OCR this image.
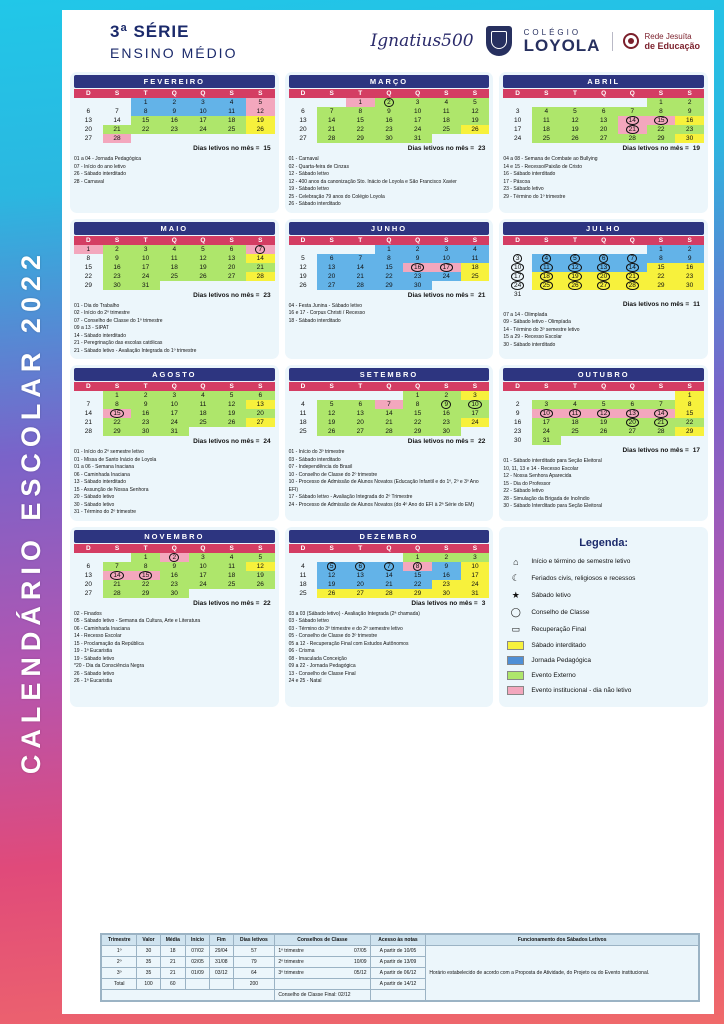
CALENDÁRIO ESCOLAR 2022
3ª SÉRIE
ENSINO MÉDIO
Ignatius500	COLÉGIO
LOYOLA	Rede Jesuíta
de Educação
FEVEREIRO
D	S	T	Q	Q	S	S
		1	2	3	4	5
6	7	8	9	10	11	12
13	14	15	16	17	18	19
20	21	22	23	24	25	26
27	28					
Dias letivos no mês = 15
01 a 04 - Jornada Pedagógica
07 - Início do ano letivo
26 - Sábado interditado
28 - Carnaval
MARÇO
D	S	T	Q	Q	S	S
		1	2	3	4	5
6	7	8	9	10	11	12
13	14	15	16	17	18	19
20	21	22	23	24	25	26
27	28	29	30	31		
Dias letivos no mês = 23
01 - Carnaval
02 - Quarta-feira de Cinzas
12 - Sábado letivo
12 - 400 anos da canonização Sto. Inácio de Loyola e São Francisco Xavier
19 - Sábado letivo
25 - Celebração 79 anos do Colégio Loyola
26 - Sábado interditado
ABRIL
D	S	T	Q	Q	S	S
					1	2
3	4	5	6	7	8	9
10	11	12	13	14	15	16
17	18	19	20	21	22	23
24	25	26	27	28	29	30
Dias letivos no mês = 19
04 a 08 - Semana de Combate ao Bullying
14 e 15 - Recesso/Paixão de Cristo
16 - Sábado interditado
17 - Páscoa
23 - Sábado letivo
29 - Término do 1º trimestre
MAIO
D	S	T	Q	Q	S	S
1	2	3	4	5	6	7
8	9	10	11	12	13	14
15	16	17	18	19	20	21
22	23	24	25	26	27	28
29	30	31				
Dias letivos no mês = 23
01 - Dia do Trabalho
02 - Início do 2º trimestre
07 - Conselho de Classe do 1º trimestre
09 a 13 - SIPAT
14 - Sábado interditado
21 - Peregrinação das escolas católicas
21 - Sábado letivo - Avaliação Integrada do 1º trimestre
JUNHO
D	S	T	Q	Q	S	S
			1	2	3	4
5	6	7	8	9	10	11
12	13	14	15	16	17	18
19	20	21	22	23	24	25
26	27	28	29	30		
Dias letivos no mês = 21
04 - Festa Junina - Sábado letivo
16 e 17 - Corpus Christi / Recesso
18 - Sábado interditado
JULHO
D	S	T	Q	Q	S	S
					1	2
3	4	5	6	7	8	9
10	11	12	13	14	15	16
17	18	19	20	21	22	23
24	25	26	27	28	29	30
31						
Dias letivos no mês = 11
07 a 14 - Olimpíada
09 - Sábado letivo - Olimpíada
14 - Término do 3º semestre letivo
15 a 29 - Recesso Escolar
30 - Sábado interditado
AGOSTO
D	S	T	Q	Q	S	S
	1	2	3	4	5	6
7	8	9	10	11	12	13
14	15	16	17	18	19	20
21	22	23	24	25	26	27
28	29	30	31			
Dias letivos no mês = 24
01 - Início do 2º semestre letivo
01 - Missa de Santo Inácio de Loyola
01 a 06 - Semana Inaciana
06 - Caminhada Inaciana
13 - Sábado interditado
15 - Assunção de Nossa Senhora
20 - Sábado letivo
30 - Sábado letivo
31 - Término do 2º trimestre
SETEMBRO
D	S	T	Q	Q	S	S
				1	2	3
4	5	6	7	8	9	10
11	12	13	14	15	16	17
18	19	20	21	22	23	24
25	26	27	28	29	30	
Dias letivos no mês = 22
01 - Início do 3º trimestre
03 - Sábado interditado
07 - Independência do Brasil
10 - Conselho de Classe do 2º trimestre
10 - Processo de Admissão de Alunos Novatos (Educação Infantil e do 1º, 2º e 3º Ano EFI)
17 - Sábado letivo - Avaliação Integrada do 2º Trimestre
24 - Processo de Admissão de Alunos Novatos (do 4º Ano do EFI à 2ª Série do EM)
OUTUBRO
D	S	T	Q	Q	S	S
						1
2	3	4	5	6	7	8
9	10	11	12	13	14	15
16	17	18	19	20	21	22
23	24	25	26	27	28	29
30	31					
Dias letivos no mês = 17
01 - Sábado interditado para Seção Eleitoral
10, 11, 13 e 14 - Recesso Escolar
12 - Nossa Senhora Aparecida
15 - Dia do Professor
22 - Sábado letivo
28 - Simulação da Brigada de Incêndio
30 - Sábado Interditado para Seção Eleitoral
NOVEMBRO
D	S	T	Q	Q	S	S
		1	2	3	4	5
6	7	8	9	10	11	12
13	14	15	16	17	18	19
20	21	22	23	24	25	26
27	28	29	30			
Dias letivos no mês = 22
02 - Finados
05 - Sábado letivo - Semana da Cultura, Arte e Literatura
06 - Caminhada Inaciana
14 - Recesso Escolar
15 - Proclamação da República
19 - 1ª Eucaristia
19 - Sábado letivo
*20 - Dia da Consciência Negra
26 - Sábado letivo
26 - 1ª Eucaristia
DEZEMBRO
D	S	T	Q	Q	S	S
				1	2	3
4	5	6	7	8	9	10
11	12	13	14	15	16	17
18	19	20	21	22	23	24
25	26	27	28	29	30	31
Dias letivos no mês = 3
03 a 03 (Sábado letivo) - Avaliação Integrada (2ª chamada)
03 - Sábado letivo
03 - Término do 3º trimestre e do 2º semestre letivo
05 - Conselho de Classe do 3º trimestre
05 a 12 - Recuperação Final com Estudos Autônomos
06 - Crisma
08 - Imaculada Conceição
09 a 22 - Jornada Pedagógica
13 - Conselho de Classe Final
24 e 25 - Natal
Legenda:
⌂	Início e término de semestre letivo
☾	Feriados civis, religiosos e recessos
★	Sábado letivo
◯	Conselho de Classe
▭	Recuperação Final
Sábado interditado
Jornada Pedagógica
Evento Externo
Evento institucional - dia não letivo
Trimestre	Valor	Média	Início	Fim	Dias letivos	Conselhos de Classe	Acesso às notas	Funcionamento dos Sábados Letivos
1º	30	18	07/02	29/04	57	1º trimestre 07/05	A partir de 10/05	Horário estabelecido de acordo com a Proposta de Atividade, do Projeto ou do Evento institucional.
2º	35	21	02/05	31/08	79	2º trimestre 10/09	A partir de 13/09	
3º	35	21	01/09	03/12	64	3º trimestre 05/12	A partir de 06/12	
Total	100	60			200		A partir de 14/12	
						Conselho de Classe Final: 02/12		
